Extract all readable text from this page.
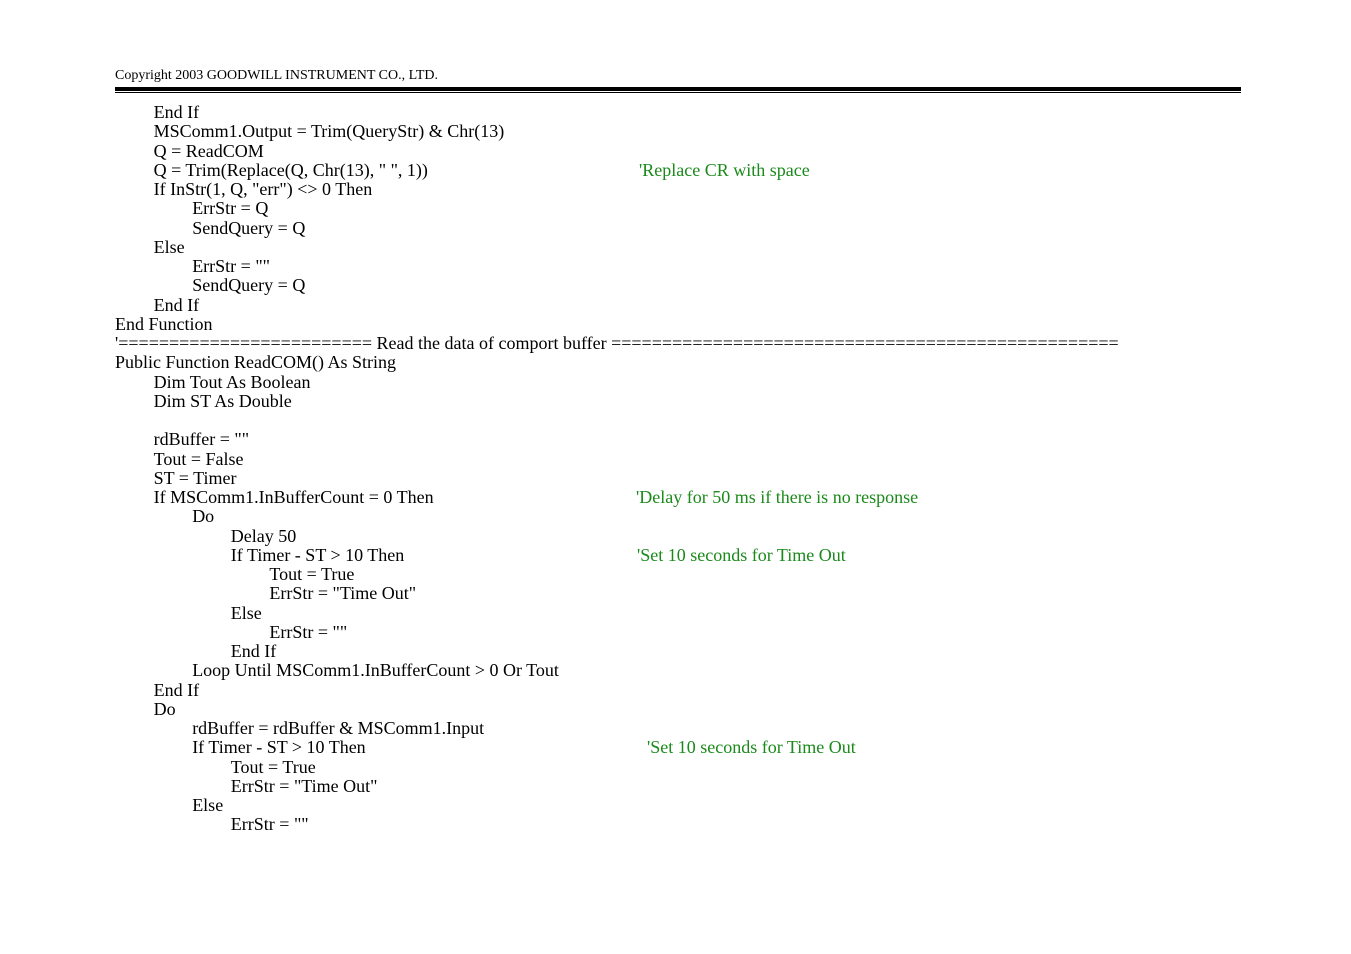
Copyright 2003 GOODWILL INSTRUMENT CO., LTD.
End If
MSComm1.Output = Trim(QueryStr) & Chr(13)
Q = ReadCOM
Q = Trim(Replace(Q, Chr(13), " ", 1))	'Replace CR with space
If InStr(1, Q, "err") <> 0 Then
ErrStr = Q
SendQuery = Q
Else
ErrStr = ""
SendQuery = Q
End If
End Function
'========================= Read the data of comport buffer ==================================================
Public Function ReadCOM() As String
Dim Tout As Boolean
Dim ST As Double
rdBuffer = ""
Tout = False
ST = Timer
If MSComm1.InBufferCount = 0 Then	'Delay for 50 ms if there is no response
Do
Delay 50
If Timer - ST > 10 Then	'Set 10 seconds for Time Out
Tout = True
ErrStr = "Time Out"
Else
ErrStr = ""
End If
Loop Until MSComm1.InBufferCount > 0 Or Tout
End If
Do
rdBuffer = rdBuffer & MSComm1.Input
If Timer - ST > 10 Then	'Set 10 seconds for Time Out
Tout = True
ErrStr = "Time Out"
Else
ErrStr = ""
